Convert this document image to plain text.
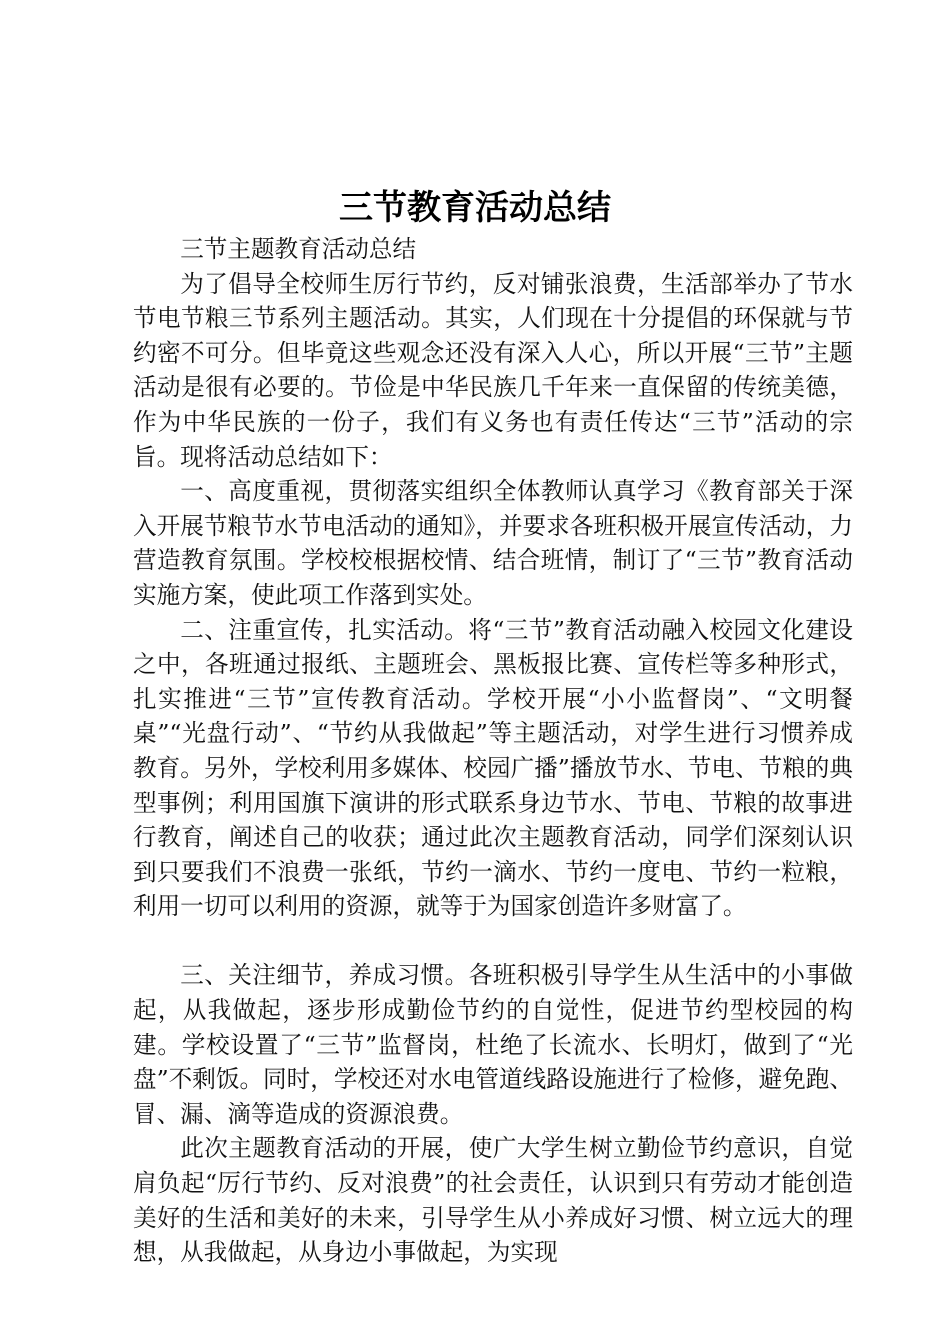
三节教育活动总结

三节主题教育活动总结

为了倡导全校师生厉行节约，反对铺张浪费，生活部举办了节水节电节粮三节系列主题活动。其实，人们现在十分提倡的环保就与节约密不可分。但毕竟这些观念还没有深入人心，所以开展“三节”主题活动是很有必要的。节俭是中华民族几千年来一直保留的传统美德，作为中华民族的一份子，我们有义务也有责任传达“三节”活动的宗旨。现将活动总结如下：

一、高度重视，贯彻落实组织全体教师认真学习《教育部关于深入开展节粮节水节电活动的通知》，并要求各班积极开展宣传活动，力营造教育氛围。学校校根据校情、结合班情，制订了“三节”教育活动实施方案，使此项工作落到实处。

二、注重宣传，扎实活动。将“三节”教育活动融入校园文化建设之中，各班通过报纸、主题班会、黑板报比赛、宣传栏等多种形式，扎实推进“三节”宣传教育活动。学校开展“小小监督岗”、“文明餐桌”“光盘行动”、“节约从我做起”等主题活动，对学生进行习惯养成教育。另外，学校利用多媒体、校园广播”播放节水、节电、节粮的典型事例；利用国旗下演讲的形式联系身边节水、节电、节粮的故事进行教育，阐述自己的收获；通过此次主题教育活动，同学们深刻认识到只要我们不浪费一张纸，节约一滴水、节约一度电、节约一粒粮，利用一切可以利用的资源，就等于为国家创造许多财富了。

三、关注细节，养成习惯。各班积极引导学生从生活中的小事做起，从我做起，逐步形成勤俭节约的自觉性，促进节约型校园的构建。学校设置了“三节”监督岗，杜绝了长流水、长明灯，做到了“光盘”不剩饭。同时，学校还对水电管道线路设施进行了检修，避免跑、冒、漏、滴等造成的资源浪费。

此次主题教育活动的开展，使广大学生树立勤俭节约意识，自觉肩负起“厉行节约、反对浪费”的社会责任，认识到只有劳动才能创造美好的生活和美好的未来，引导学生从小养成好习惯、树立远大的理想，从我做起，从身边小事做起，为实现
